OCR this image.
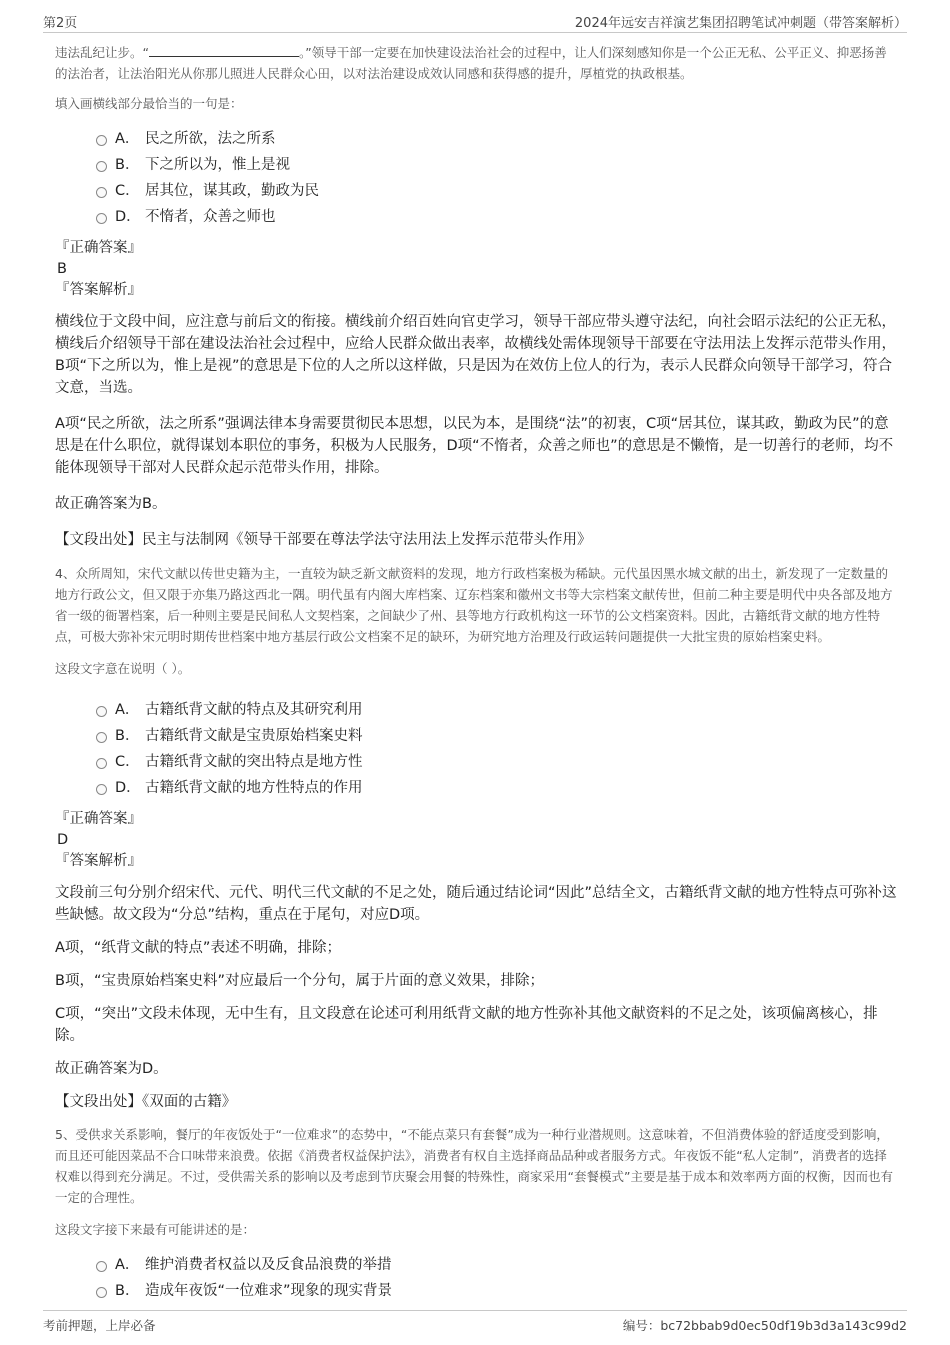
第2页	2024年远安吉祥演艺集团招聘笔试冲刺题（带答案解析）

违法乱纪让步。“	。”领导干部一定要在加快建设法治社会的过程中，让人们深刻感知你是一个公正无私、公平正义、抑恶扬善的法治者，让法治阳光从你那儿照进人民群众心田，以对法治建设成效认同感和获得感的提升，厚植党的执政根基。

填入画横线部分最恰当的一句是：

A． 民之所欲，法之所系
B． 下之所以为，惟上是视
C． 居其位，谋其政，勤政为民
D． 不惰者，众善之师也

『正确答案』

B

『答案解析』

横线位于文段中间，应注意与前后文的衔接。横线前介绍百姓向官吏学习，领导干部应带头遵守法纪，向社会昭示法纪的公正无私，横线后介绍领导干部在建设法治社会过程中，应给人民群众做出表率，故横线处需体现领导干部要在守法用法上发挥示范带头作用，B项“下之所以为，惟上是视”的意思是下位的人之所以这样做，只是因为在效仿上位人的行为，表示人民群众向领导干部学习，符合文意，当选。

A项“民之所欲，法之所系”强调法律本身需要贯彻民本思想，以民为本，是围绕“法”的初衷，C项“居其位，谋其政，勤政为民”的意思是在什么职位，就得谋划本职位的事务，积极为人民服务，D项“不惰者，众善之师也”的意思是不懒惰，是一切善行的老师，均不能体现领导干部对人民群众起示范带头作用，排除。

故正确答案为B。

【文段出处】民主与法制网《领导干部要在尊法学法守法用法上发挥示范带头作用》

4、众所周知，宋代文献以传世史籍为主，一直较为缺乏新文献资料的发现，地方行政档案极为稀缺。元代虽因黑水城文献的出土，新发现了一定数量的地方行政公文，但又限于亦集乃路这西北一隅。明代虽有内阁大库档案、辽东档案和徽州文书等大宗档案文献传世，但前二种主要是明代中央各部及地方省一级的衙署档案，后一种则主要是民间私人文契档案，之间缺少了州、县等地方行政机构这一环节的公文档案资料。因此，古籍纸背文献的地方性特点，可极大弥补宋元明时期传世档案中地方基层行政公文档案不足的缺环，为研究地方治理及行政运转问题提供一大批宝贵的原始档案史料。

这段文字意在说明（ ）。

A． 古籍纸背文献的特点及其研究利用
B． 古籍纸背文献是宝贵原始档案史料
C． 古籍纸背文献的突出特点是地方性
D． 古籍纸背文献的地方性特点的作用

『正确答案』

D

『答案解析』

文段前三句分别介绍宋代、元代、明代三代文献的不足之处，随后通过结论词“因此”总结全文，古籍纸背文献的地方性特点可弥补这些缺憾。故文段为“分总”结构，重点在于尾句，对应D项。

A项，“纸背文献的特点”表述不明确，排除；

B项，“宝贵原始档案史料”对应最后一个分句，属于片面的意义效果，排除；

C项，“突出”文段未体现，无中生有，且文段意在论述可利用纸背文献的地方性弥补其他文献资料的不足之处，该项偏离核心，排除。

故正确答案为D。

【文段出处】《双面的古籍》

5、受供求关系影响，餐厅的年夜饭处于“一位难求”的态势中，“不能点菜只有套餐”成为一种行业潜规则。这意味着，不但消费体验的舒适度受到影响，而且还可能因菜品不合口味带来浪费。依据《消费者权益保护法》，消费者有权自主选择商品品种或者服务方式。年夜饭不能“私人定制”，消费者的选择权难以得到充分满足。不过，受供需关系的影响以及考虑到节庆聚会用餐的特殊性，商家采用“套餐模式”主要是基于成本和效率两方面的权衡，因而也有一定的合理性。

这段文字接下来最有可能讲述的是：

A． 维护消费者权益以及反食品浪费的举措
B． 造成年夜饭“一位难求”现象的现实背景
考前押题，上岸必备	编号：bc72bbab9d0ec50df19b3d3a143c99d2
